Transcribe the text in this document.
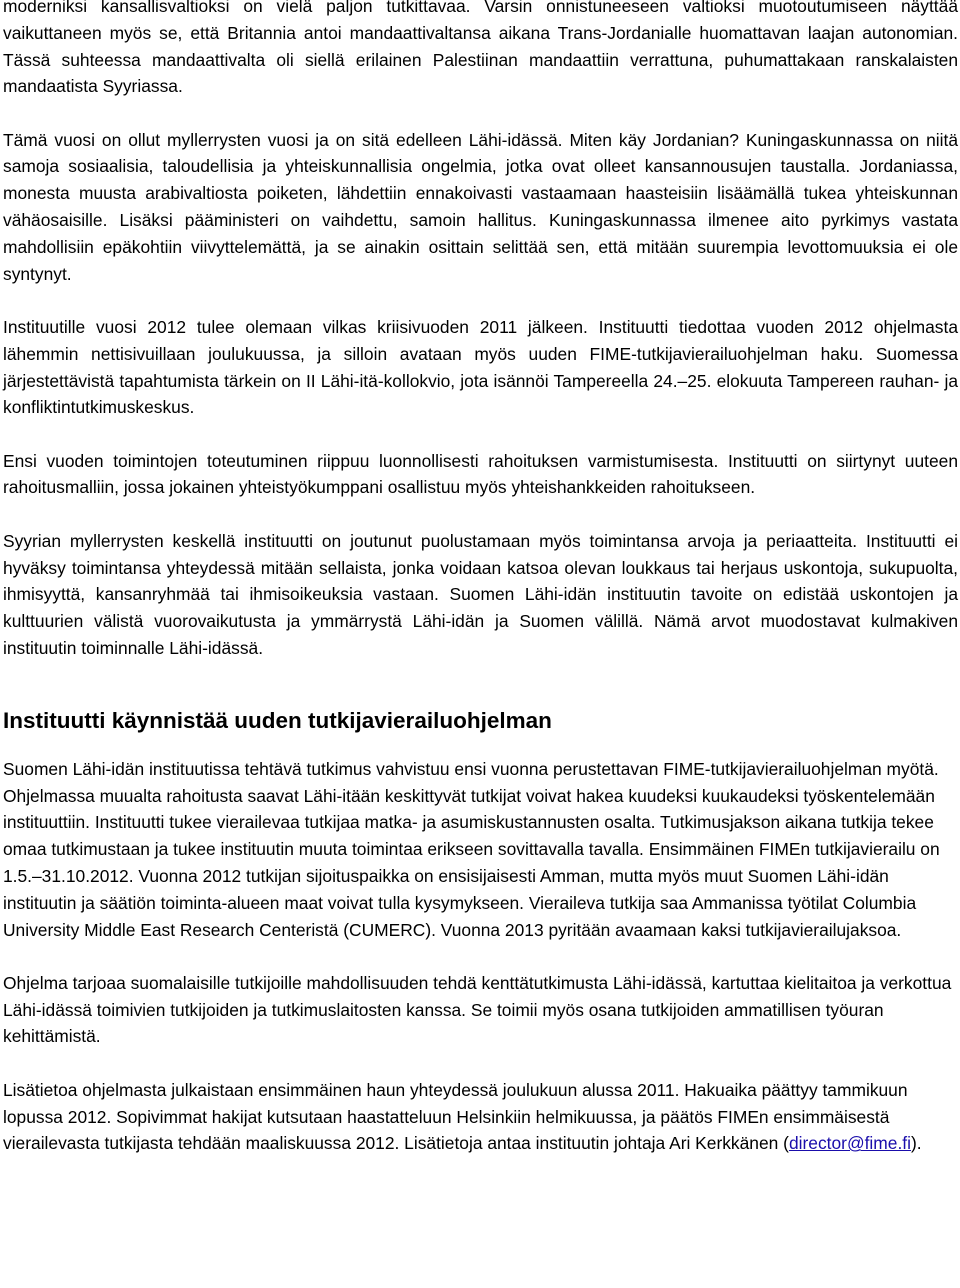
moderniksi kansallisvaltioksi on vielä paljon tutkittavaa. Varsin onnistuneeseen valtioksi muotoutumiseen näyttää vaikuttaneen myös se, että Britannia antoi mandaattivaltansa aikana Trans-Jordanialle huomattavan laajan autonomian. Tässä suhteessa mandaattivalta oli siellä erilainen Palestiinan mandaattiin verrattuna, puhumattakaan ranskalaisten mandaatista Syyriassa.

Tämä vuosi on ollut myllerrysten vuosi ja on sitä edelleen Lähi-idässä. Miten käy Jordanian? Kuningaskunnassa on niitä samoja sosiaalisia, taloudellisia ja yhteiskunnallisia ongelmia, jotka ovat olleet kansannousujen taustalla. Jordaniassa, monesta muusta arabivaltiosta poiketen, lähdettiin ennakoivasti vastaamaan haasteisiin lisäämällä tukea yhteiskunnan vähäosaisille. Lisäksi pääministeri on vaihdettu, samoin hallitus. Kuningaskunnassa ilmenee aito pyrkimys vastata mahdollisiin epäkohtiin viivyttelemättä, ja se ainakin osittain selittää sen, että mitään suurempia levottomuuksia ei ole syntynyt.

Instituutille vuosi 2012 tulee olemaan vilkas kriisivuoden 2011 jälkeen. Instituutti tiedottaa vuoden 2012 ohjelmasta lähemmin nettisivuillaan joulukuussa, ja silloin avataan myös uuden FIME-tutkijavierailuohjelman haku. Suomessa järjestettävistä tapahtumista tärkein on II Lähi-itä-kollokvio, jota isännöi Tampereella 24.–25. elokuuta Tampereen rauhan- ja konfliktintutkimuskeskus.

Ensi vuoden toimintojen toteutuminen riippuu luonnollisesti rahoituksen varmistumisesta. Instituutti on siirtynyt uuteen rahoitusmalliin, jossa jokainen yhteistyökumppani osallistuu myös yhteishankkeiden rahoitukseen.

Syyrian myllerrysten keskellä instituutti on joutunut puolustamaan myös toimintansa arvoja ja periaatteita. Instituutti ei hyväksy toimintansa yhteydessä mitään sellaista, jonka voidaan katsoa olevan loukkaus tai herjaus uskontoja, sukupuolta, ihmisyyttä, kansanryhmää tai ihmisoikeuksia vastaan. Suomen Lähi-idän instituutin tavoite on edistää uskontojen ja kulttuurien välistä vuorovaikutusta ja ymmärrystä Lähi-idän ja Suomen välillä. Nämä arvot muodostavat kulmakiven instituutin toiminnalle Lähi-idässä.

Instituutti käynnistää uuden tutkijavierailuohjelman

Suomen Lähi-idän instituutissa tehtävä tutkimus vahvistuu ensi vuonna perustettavan FIME-tutkijavierailuohjelman myötä. Ohjelmassa muualta rahoitusta saavat Lähi-itään keskittyvät tutkijat voivat hakea kuudeksi kuukaudeksi työskentelemään instituuttiin. Instituutti tukee vierailevaa tutkijaa matka- ja asumiskustannusten osalta. Tutkimusjakson aikana tutkija tekee omaa tutkimustaan ja tukee instituutin muuta toimintaa erikseen sovittavalla tavalla. Ensimmäinen FIMEn tutkijavierailu on 1.5.–31.10.2012. Vuonna 2012 tutkijan sijoituspaikka on ensisijaisesti Amman, mutta myös muut Suomen Lähi-idän instituutin ja säätiön toiminta-alueen maat voivat tulla kysymykseen. Vieraileva tutkija saa Ammanissa työtilat Columbia University Middle East Research Centeristä (CUMERC). Vuonna 2013 pyritään avaamaan kaksi tutkijavierailujaksoa.

Ohjelma tarjoaa suomalaisille tutkijoille mahdollisuuden tehdä kenttätutkimusta Lähi-idässä, kartuttaa kielitaitoa ja verkottua Lähi-idässä toimivien tutkijoiden ja tutkimuslaitosten kanssa. Se toimii myös osana tutkijoiden ammatillisen työuran kehittämistä.

Lisätietoa ohjelmasta julkaistaan ensimmäinen haun yhteydessä joulukuun alussa 2011. Hakuaika päättyy tammikuun lopussa 2012. Sopivimmat hakijat kutsutaan haastatteluun Helsinkiin helmikuussa, ja päätös FIMEn ensimmäisestä vierailevasta tutkijasta tehdään maaliskuussa 2012. Lisätietoja antaa instituutin johtaja Ari Kerkkänen (director@fime.fi).
